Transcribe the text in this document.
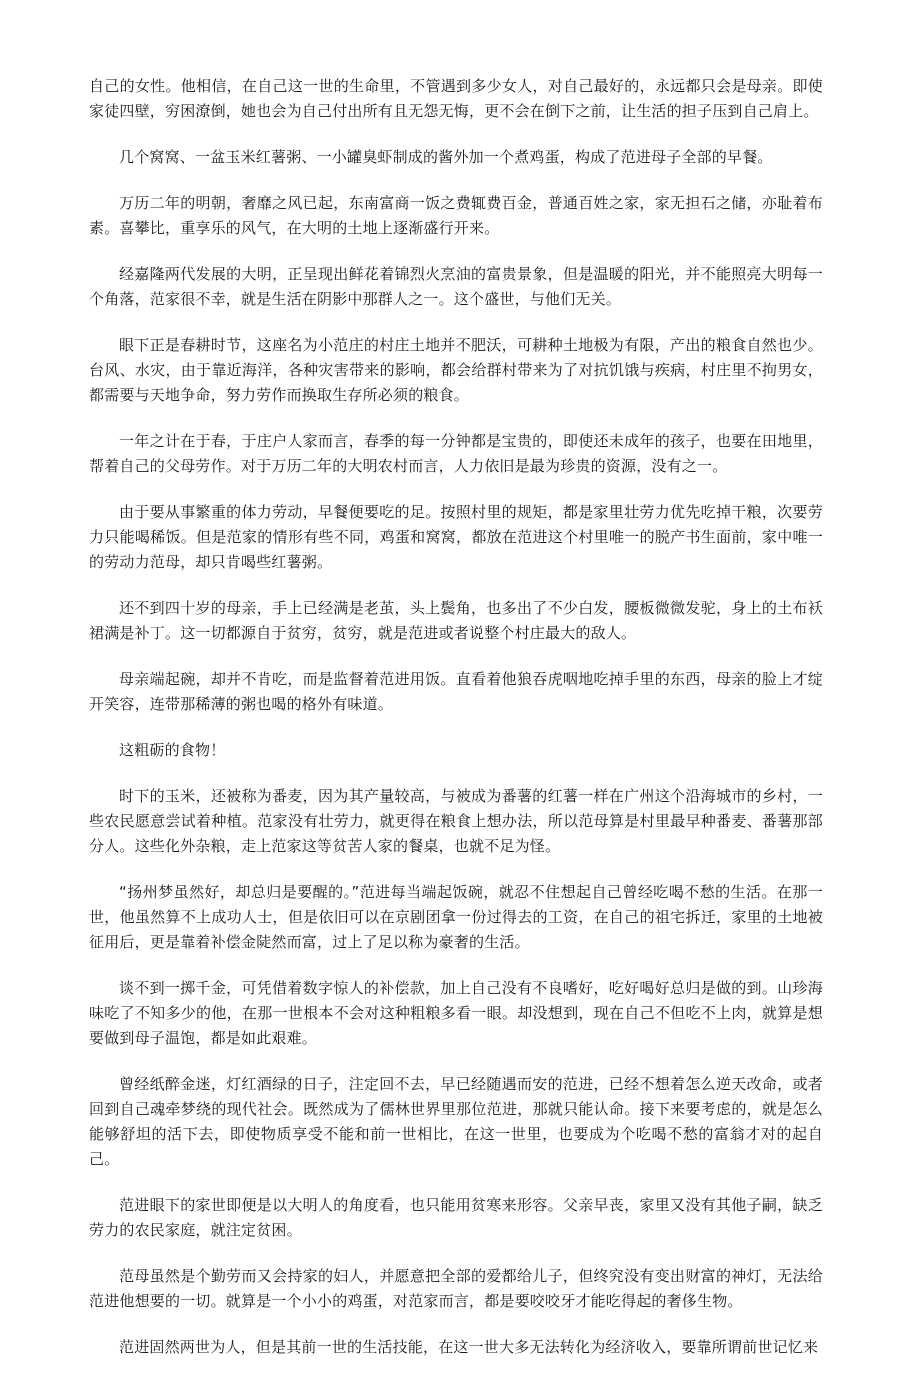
自己的女性。他相信，在自己这一世的生命里，不管遇到多少女人，对自己最好的，永远都只会是母亲。即使家徒四壁，穷困潦倒，她也会为自己付出所有且无怨无悔，更不会在倒下之前，让生活的担子压到自己肩上。

几个窝窝、一盆玉米红薯粥、一小罐臭虾制成的酱外加一个煮鸡蛋，构成了范进母子全部的早餐。

万历二年的明朝，奢靡之风已起，东南富商一饭之费辄费百金，普通百姓之家，家无担石之储，亦耻着布素。喜攀比，重享乐的风气，在大明的土地上逐渐盛行开来。

经嘉隆两代发展的大明，正呈现出鲜花着锦烈火烹油的富贵景象，但是温暖的阳光，并不能照亮大明每一个角落，范家很不幸，就是生活在阴影中那群人之一。这个盛世，与他们无关。

眼下正是春耕时节，这座名为小范庄的村庄土地并不肥沃，可耕种土地极为有限，产出的粮食自然也少。台风、水灾，由于靠近海洋，各种灾害带来的影响，都会给群村带来为了对抗饥饿与疾病，村庄里不拘男女，都需要与天地争命，努力劳作而换取生存所必须的粮食。

一年之计在于春，于庄户人家而言，春季的每一分钟都是宝贵的，即使还未成年的孩子，也要在田地里，帮着自己的父母劳作。对于万历二年的大明农村而言，人力依旧是最为珍贵的资源，没有之一。

由于要从事繁重的体力劳动，早餐便要吃的足。按照村里的规矩，都是家里壮劳力优先吃掉干粮，次要劳力只能喝稀饭。但是范家的情形有些不同，鸡蛋和窝窝，都放在范进这个村里唯一的脱产书生面前，家中唯一的劳动力范母，却只肯喝些红薯粥。

还不到四十岁的母亲，手上已经满是老茧，头上鬓角，也多出了不少白发，腰板微微发驼，身上的土布袄裙满是补丁。这一切都源自于贫穷，贫穷，就是范进或者说整个村庄最大的敌人。

母亲端起碗，却并不肯吃，而是监督着范进用饭。直看着他狼吞虎咽地吃掉手里的东西，母亲的脸上才绽开笑容，连带那稀薄的粥也喝的格外有味道。

这粗砺的食物！

时下的玉米，还被称为番麦，因为其产量较高，与被成为番薯的红薯一样在广州这个沿海城市的乡村，一些农民愿意尝试着种植。范家没有壮劳力，就更得在粮食上想办法，所以范母算是村里最早种番麦、番薯那部分人。这些化外杂粮，走上范家这等贫苦人家的餐桌，也就不足为怪。

“扬州梦虽然好，却总归是要醒的。”范进每当端起饭碗，就忍不住想起自己曾经吃喝不愁的生活。在那一世，他虽然算不上成功人士，但是依旧可以在京剧团拿一份过得去的工资，在自己的祖宅拆迁，家里的土地被征用后，更是靠着补偿金陡然而富，过上了足以称为豪奢的生活。

谈不到一掷千金，可凭借着数字惊人的补偿款，加上自己没有不良嗜好，吃好喝好总归是做的到。山珍海味吃了不知多少的他，在那一世根本不会对这种粗粮多看一眼。却没想到，现在自己不但吃不上肉，就算是想要做到母子温饱，都是如此艰难。

曾经纸醉金迷，灯红酒绿的日子，注定回不去，早已经随遇而安的范进，已经不想着怎么逆天改命，或者回到自己魂牵梦绕的现代社会。既然成为了儒林世界里那位范进，那就只能认命。接下来要考虑的，就是怎么能够舒坦的活下去，即使物质享受不能和前一世相比，在这一世里，也要成为个吃喝不愁的富翁才对的起自己。

范进眼下的家世即便是以大明人的角度看，也只能用贫寒来形容。父亲早丧，家里又没有其他子嗣，缺乏劳力的农民家庭，就注定贫困。

范母虽然是个勤劳而又会持家的妇人，并愿意把全部的爱都给儿子，但终究没有变出财富的神灯，无法给范进他想要的一切。就算是一个小小的鸡蛋，对范家而言，都是要咬咬牙才能吃得起的奢侈生物。

范进固然两世为人，但是其前一世的生活技能，在这一世大多无法转化为经济收入，要靠所谓前世记忆来
